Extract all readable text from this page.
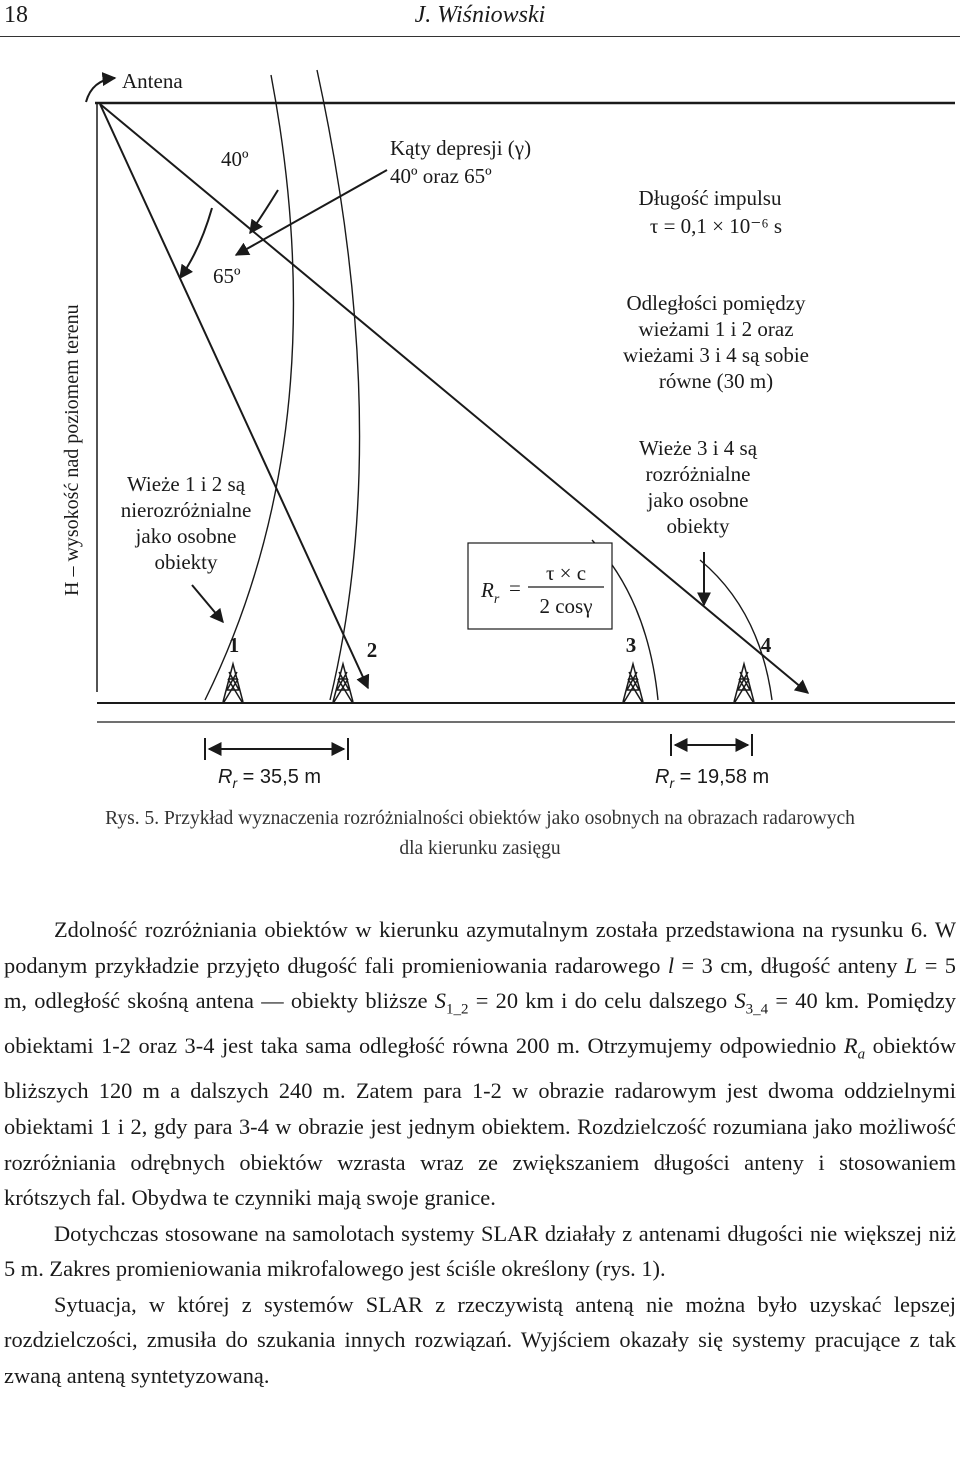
18	J. Wiśniowski
Antena
H – wysokość nad poziomem terenu
40º
65º
Kąty depresji (γ)
40º oraz 65º
Długość impulsu
τ = 0,1 × 10⁻⁶ s
Odległości pomiędzy
wieżami 1 i 2 oraz
wieżami 3 i 4 są sobie
równe (30 m)
Wieże 3 i 4 są
rozróżnialne
jako osobne
obiekty
Wieże 1 i 2 są
nierozróżnialne
jako osobne
obiekty
$R_r$ =
τ × c
2 cosγ
1	2	3	4
$R_r = 35,5$ m	$R_r = 19,58$ m
Rys. 5. Przykład wyznaczenia rozróżnialności obiektów jako osobnych na obrazach radarowych
dla kierunku zasięgu

Zdolność rozróżniania obiektów w kierunku azymutalnym została przedstawiona na rysunku 6. W podanym przykładzie przyjęto długość fali promieniowania radarowego l = 3 cm, długość anteny L = 5 m, odległość skośną antena — obiekty bliższe $S_{1\_2} = 20$ km i do celu dalszego $S_{3\_4} = 40$ km. Pomiędzy obiektami 1-2 oraz 3-4 jest taka sama odległość równa 200 m. Otrzymujemy odpowiednio $R_a$ obiektów bliższych 120 m a dalszych 240 m. Zatem para 1-2 w obrazie radarowym jest dwoma oddzielnymi obiektami 1 i 2, gdy para 3-4 w obrazie jest jednym obiektem. Rozdzielczość rozumiana jako możliwość rozróżniania odrębnych obiektów wzrasta wraz ze zwiększaniem długości anteny i stosowaniem krótszych fal. Obydwa te czynniki mają swoje granice.

Dotychczas stosowane na samolotach systemy SLAR działały z antenami długości nie większej niż 5 m. Zakres promieniowania mikrofalowego jest ściśle określony (rys. 1).

Sytuacja, w której z systemów SLAR z rzeczywistą anteną nie można było uzyskać lepszej rozdzielczości, zmusiła do szukania innych rozwiązań. Wyjściem okazały się systemy pracujące z tak zwaną anteną syntetyzowaną.
